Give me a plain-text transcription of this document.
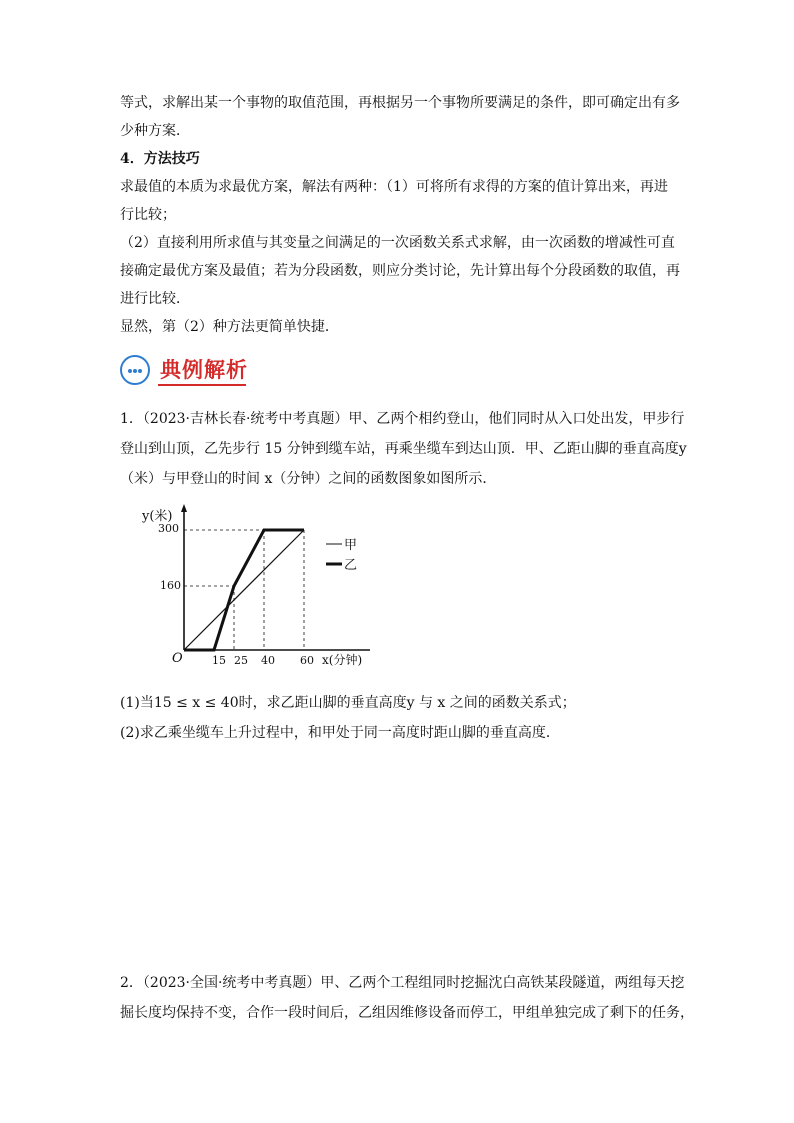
等式，求解出某一个事物的取值范围，再根据另一个事物所要满足的条件，即可确定出有多
少种方案．
4．方法技巧
求最值的本质为求最优方案，解法有两种：（1）可将所有求得的方案的值计算出来，再进
行比较；
（2）直接利用所求值与其变量之间满足的一次函数关系式求解，由一次函数的增减性可直
接确定最优方案及最值；若为分段函数，则应分类讨论，先计算出每个分段函数的取值，再
进行比较．
显然，第（2）种方法更简单快捷．
典例解析
1．（2023·吉林长春·统考中考真题）甲、乙两个相约登山，他们同时从入口处出发，甲步行
登山到山顶，乙先步行 15 分钟到缆车站，再乘坐缆车到达山顶．甲、乙距山脚的垂直高度y
（米）与甲登山的时间 x（分钟）之间的函数图象如图所示．
y(米)
x(分钟)
O
300
160
15 25 40 60
甲
乙
(1)当15 ≤ x ≤ 40时，求乙距山脚的垂直高度y 与 x 之间的函数关系式；
(2)求乙乘坐缆车上升过程中，和甲处于同一高度时距山脚的垂直高度．
2．（2023·全国·统考中考真题）甲、乙两个工程组同时挖掘沈白高铁某段隧道，两组每天挖
掘长度均保持不变，合作一段时间后，乙组因维修设备而停工，甲组单独完成了剩下的任务，
